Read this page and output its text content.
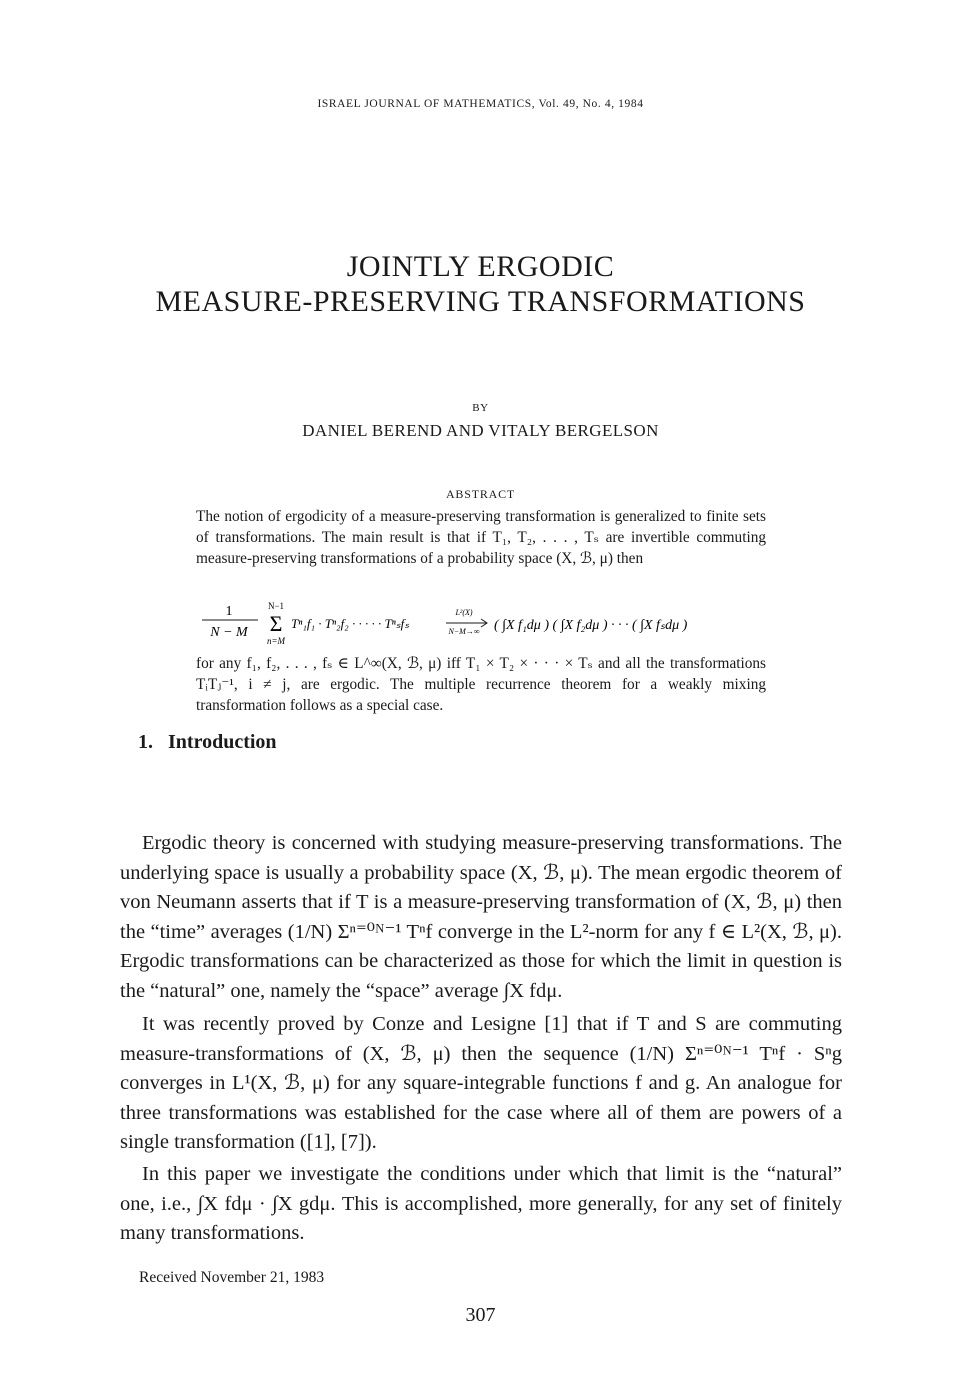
ISRAEL JOURNAL OF MATHEMATICS, Vol. 49, No. 4, 1984
JOINTLY ERGODIC
MEASURE-PRESERVING TRANSFORMATIONS
BY
DANIEL BEREND AND VITALY BERGELSON
ABSTRACT
The notion of ergodicity of a measure-preserving transformation is generalized to finite sets of transformations. The main result is that if T₁, T₂, . . . , Tₛ are invertible commuting measure-preserving transformations of a probability space (X, ℬ, μ) then
1
N − M
N−1
Σ
n=M
Tⁿ₁f₁ · Tⁿ₂f₂ · · · · · Tⁿₛfₛ
L²(X)
N−M→∞ ( ∫X f₁dμ ) ( ∫X f₂dμ ) · · · ( ∫X fₛdμ )
for any f₁, f₂, . . . , fₛ ∈ L^∞(X, ℬ, μ) iff T₁ × T₂ × · · · × Tₛ and all the transformations TᵢTⱼ⁻¹, i ≠ j, are ergodic. The multiple recurrence theorem for a weakly mixing transformation follows as a special case.
1. Introduction

Ergodic theory is concerned with studying measure-preserving transformations. The underlying space is usually a probability space (X, ℬ, μ). The mean ergodic theorem of von Neumann asserts that if T is a measure-preserving transformation of (X, ℬ, μ) then the “time” averages (1/N) Σⁿ⁼⁰ᴺ⁻¹ Tⁿf converge in the L²-norm for any f ∈ L²(X, ℬ, μ). Ergodic transformations can be characterized as those for which the limit in question is the “natural” one, namely the “space” average ∫X fdμ.

It was recently proved by Conze and Lesigne [1] that if T and S are commuting measure-transformations of (X, ℬ, μ) then the sequence (1/N) Σⁿ⁼⁰ᴺ⁻¹ Tⁿf · Sⁿg converges in L¹(X, ℬ, μ) for any square-integrable functions f and g. An analogue for three transformations was established for the case where all of them are powers of a single transformation ([1], [7]).

In this paper we investigate the conditions under which that limit is the “natural” one, i.e., ∫X fdμ · ∫X gdμ. This is accomplished, more generally, for any set of finitely many transformations.

Received November 21, 1983
307
